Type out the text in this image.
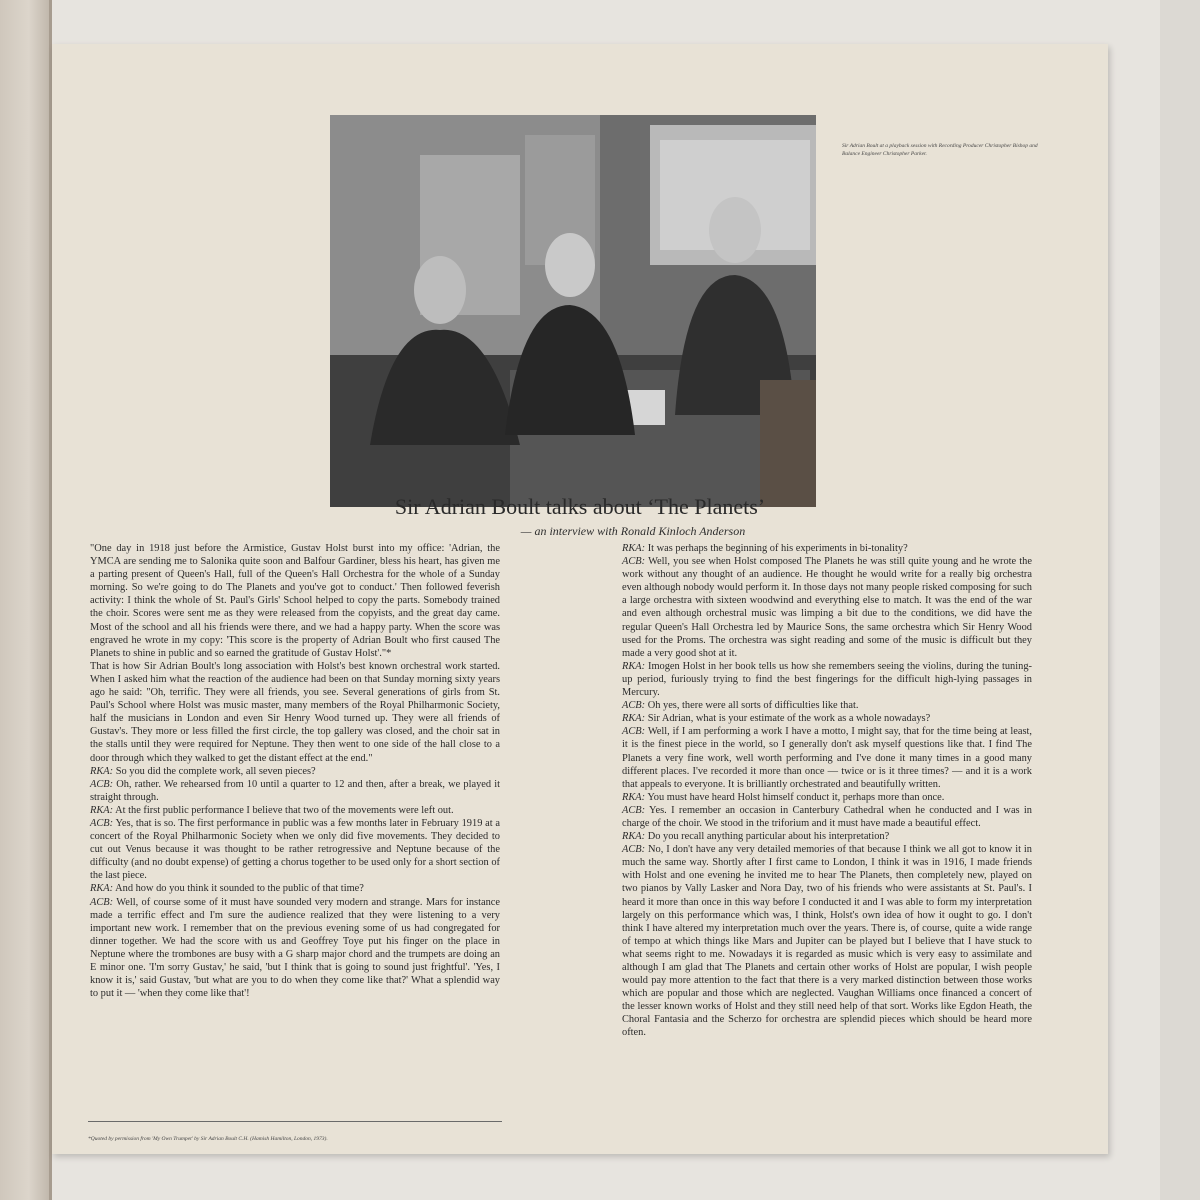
Sir Adrian Boult at a playback session with Recording Producer Christopher Bishop and Balance Engineer Christopher Parker.
Sir Adrian Boult talks about ‘The Planets’
— an interview with Ronald Kinloch Anderson

"One day in 1918 just before the Armistice, Gustav Holst burst into my office: 'Adrian, the YMCA are sending me to Salonika quite soon and Balfour Gardiner, bless his heart, has given me a parting present of Queen's Hall, full of the Queen's Hall Orchestra for the whole of a Sunday morning. So we're going to do The Planets and you've got to conduct.' Then followed feverish activity: I think the whole of St. Paul's Girls' School helped to copy the parts. Somebody trained the choir. Scores were sent me as they were released from the copyists, and the great day came. Most of the school and all his friends were there, and we had a happy party. When the score was engraved he wrote in my copy: 'This score is the property of Adrian Boult who first caused The Planets to shine in public and so earned the gratitude of Gustav Holst'."*

That is how Sir Adrian Boult's long association with Holst's best known orchestral work started. When I asked him what the reaction of the audience had been on that Sunday morning sixty years ago he said: "Oh, terrific. They were all friends, you see. Several generations of girls from St. Paul's School where Holst was music master, many members of the Royal Philharmonic Society, half the musicians in London and even Sir Henry Wood turned up. They were all friends of Gustav's. They more or less filled the first circle, the top gallery was closed, and the choir sat in the stalls until they were required for Neptune. They then went to one side of the hall close to a door through which they walked to get the distant effect at the end."

RKA: So you did the complete work, all seven pieces?

ACB: Oh, rather. We rehearsed from 10 until a quarter to 12 and then, after a break, we played it straight through.

RKA: At the first public performance I believe that two of the movements were left out.

ACB: Yes, that is so. The first performance in public was a few months later in February 1919 at a concert of the Royal Philharmonic Society when we only did five movements. They decided to cut out Venus because it was thought to be rather retrogressive and Neptune because of the difficulty (and no doubt expense) of getting a chorus together to be used only for a short section of the last piece.

RKA: And how do you think it sounded to the public of that time?

ACB: Well, of course some of it must have sounded very modern and strange. Mars for instance made a terrific effect and I'm sure the audience realized that they were listening to a very important new work. I remember that on the previous evening some of us had congregated for dinner together. We had the score with us and Geoffrey Toye put his finger on the place in Neptune where the trombones are busy with a G sharp major chord and the trumpets are doing an E minor one. 'I'm sorry Gustav,' he said, 'but I think that is going to sound just frightful'. 'Yes, I know it is,' said Gustav, 'but what are you to do when they come like that?' What a splendid way to put it — 'when they come like that'!

RKA: It was perhaps the beginning of his experiments in bi-tonality?

ACB: Well, you see when Holst composed The Planets he was still quite young and he wrote the work without any thought of an audience. He thought he would write for a really big orchestra even although nobody would perform it. In those days not many people risked composing for such a large orchestra with sixteen woodwind and everything else to match. It was the end of the war and even although orchestral music was limping a bit due to the conditions, we did have the regular Queen's Hall Orchestra led by Maurice Sons, the same orchestra which Sir Henry Wood used for the Proms. The orchestra was sight reading and some of the music is difficult but they made a very good shot at it.

RKA: Imogen Holst in her book tells us how she remembers seeing the violins, during the tuning-up period, furiously trying to find the best fingerings for the difficult high-lying passages in Mercury.

ACB: Oh yes, there were all sorts of difficulties like that.

RKA: Sir Adrian, what is your estimate of the work as a whole nowadays?

ACB: Well, if I am performing a work I have a motto, I might say, that for the time being at least, it is the finest piece in the world, so I generally don't ask myself questions like that. I find The Planets a very fine work, well worth performing and I've done it many times in a good many different places. I've recorded it more than once — twice or is it three times? — and it is a work that appeals to everyone. It is brilliantly orchestrated and beautifully written.

RKA: You must have heard Holst himself conduct it, perhaps more than once.

ACB: Yes. I remember an occasion in Canterbury Cathedral when he conducted and I was in charge of the choir. We stood in the triforium and it must have made a beautiful effect.

RKA: Do you recall anything particular about his interpretation?

ACB: No, I don't have any very detailed memories of that because I think we all got to know it in much the same way. Shortly after I first came to London, I think it was in 1916, I made friends with Holst and one evening he invited me to hear The Planets, then completely new, played on two pianos by Vally Lasker and Nora Day, two of his friends who were assistants at St. Paul's. I heard it more than once in this way before I conducted it and I was able to form my interpretation largely on this performance which was, I think, Holst's own idea of how it ought to go. I don't think I have altered my interpretation much over the years. There is, of course, quite a wide range of tempo at which things like Mars and Jupiter can be played but I believe that I have stuck to what seems right to me. Nowadays it is regarded as music which is very easy to assimilate and although I am glad that The Planets and certain other works of Holst are popular, I wish people would pay more attention to the fact that there is a very marked distinction between those works which are popular and those which are neglected. Vaughan Williams once financed a concert of the lesser known works of Holst and they still need help of that sort. Works like Egdon Heath, the Choral Fantasia and the Scherzo for orchestra are splendid pieces which should be heard more often.

*Quoted by permission from 'My Own Trumpet' by Sir Adrian Boult C.H. (Hamish Hamilton, London, 1973).
